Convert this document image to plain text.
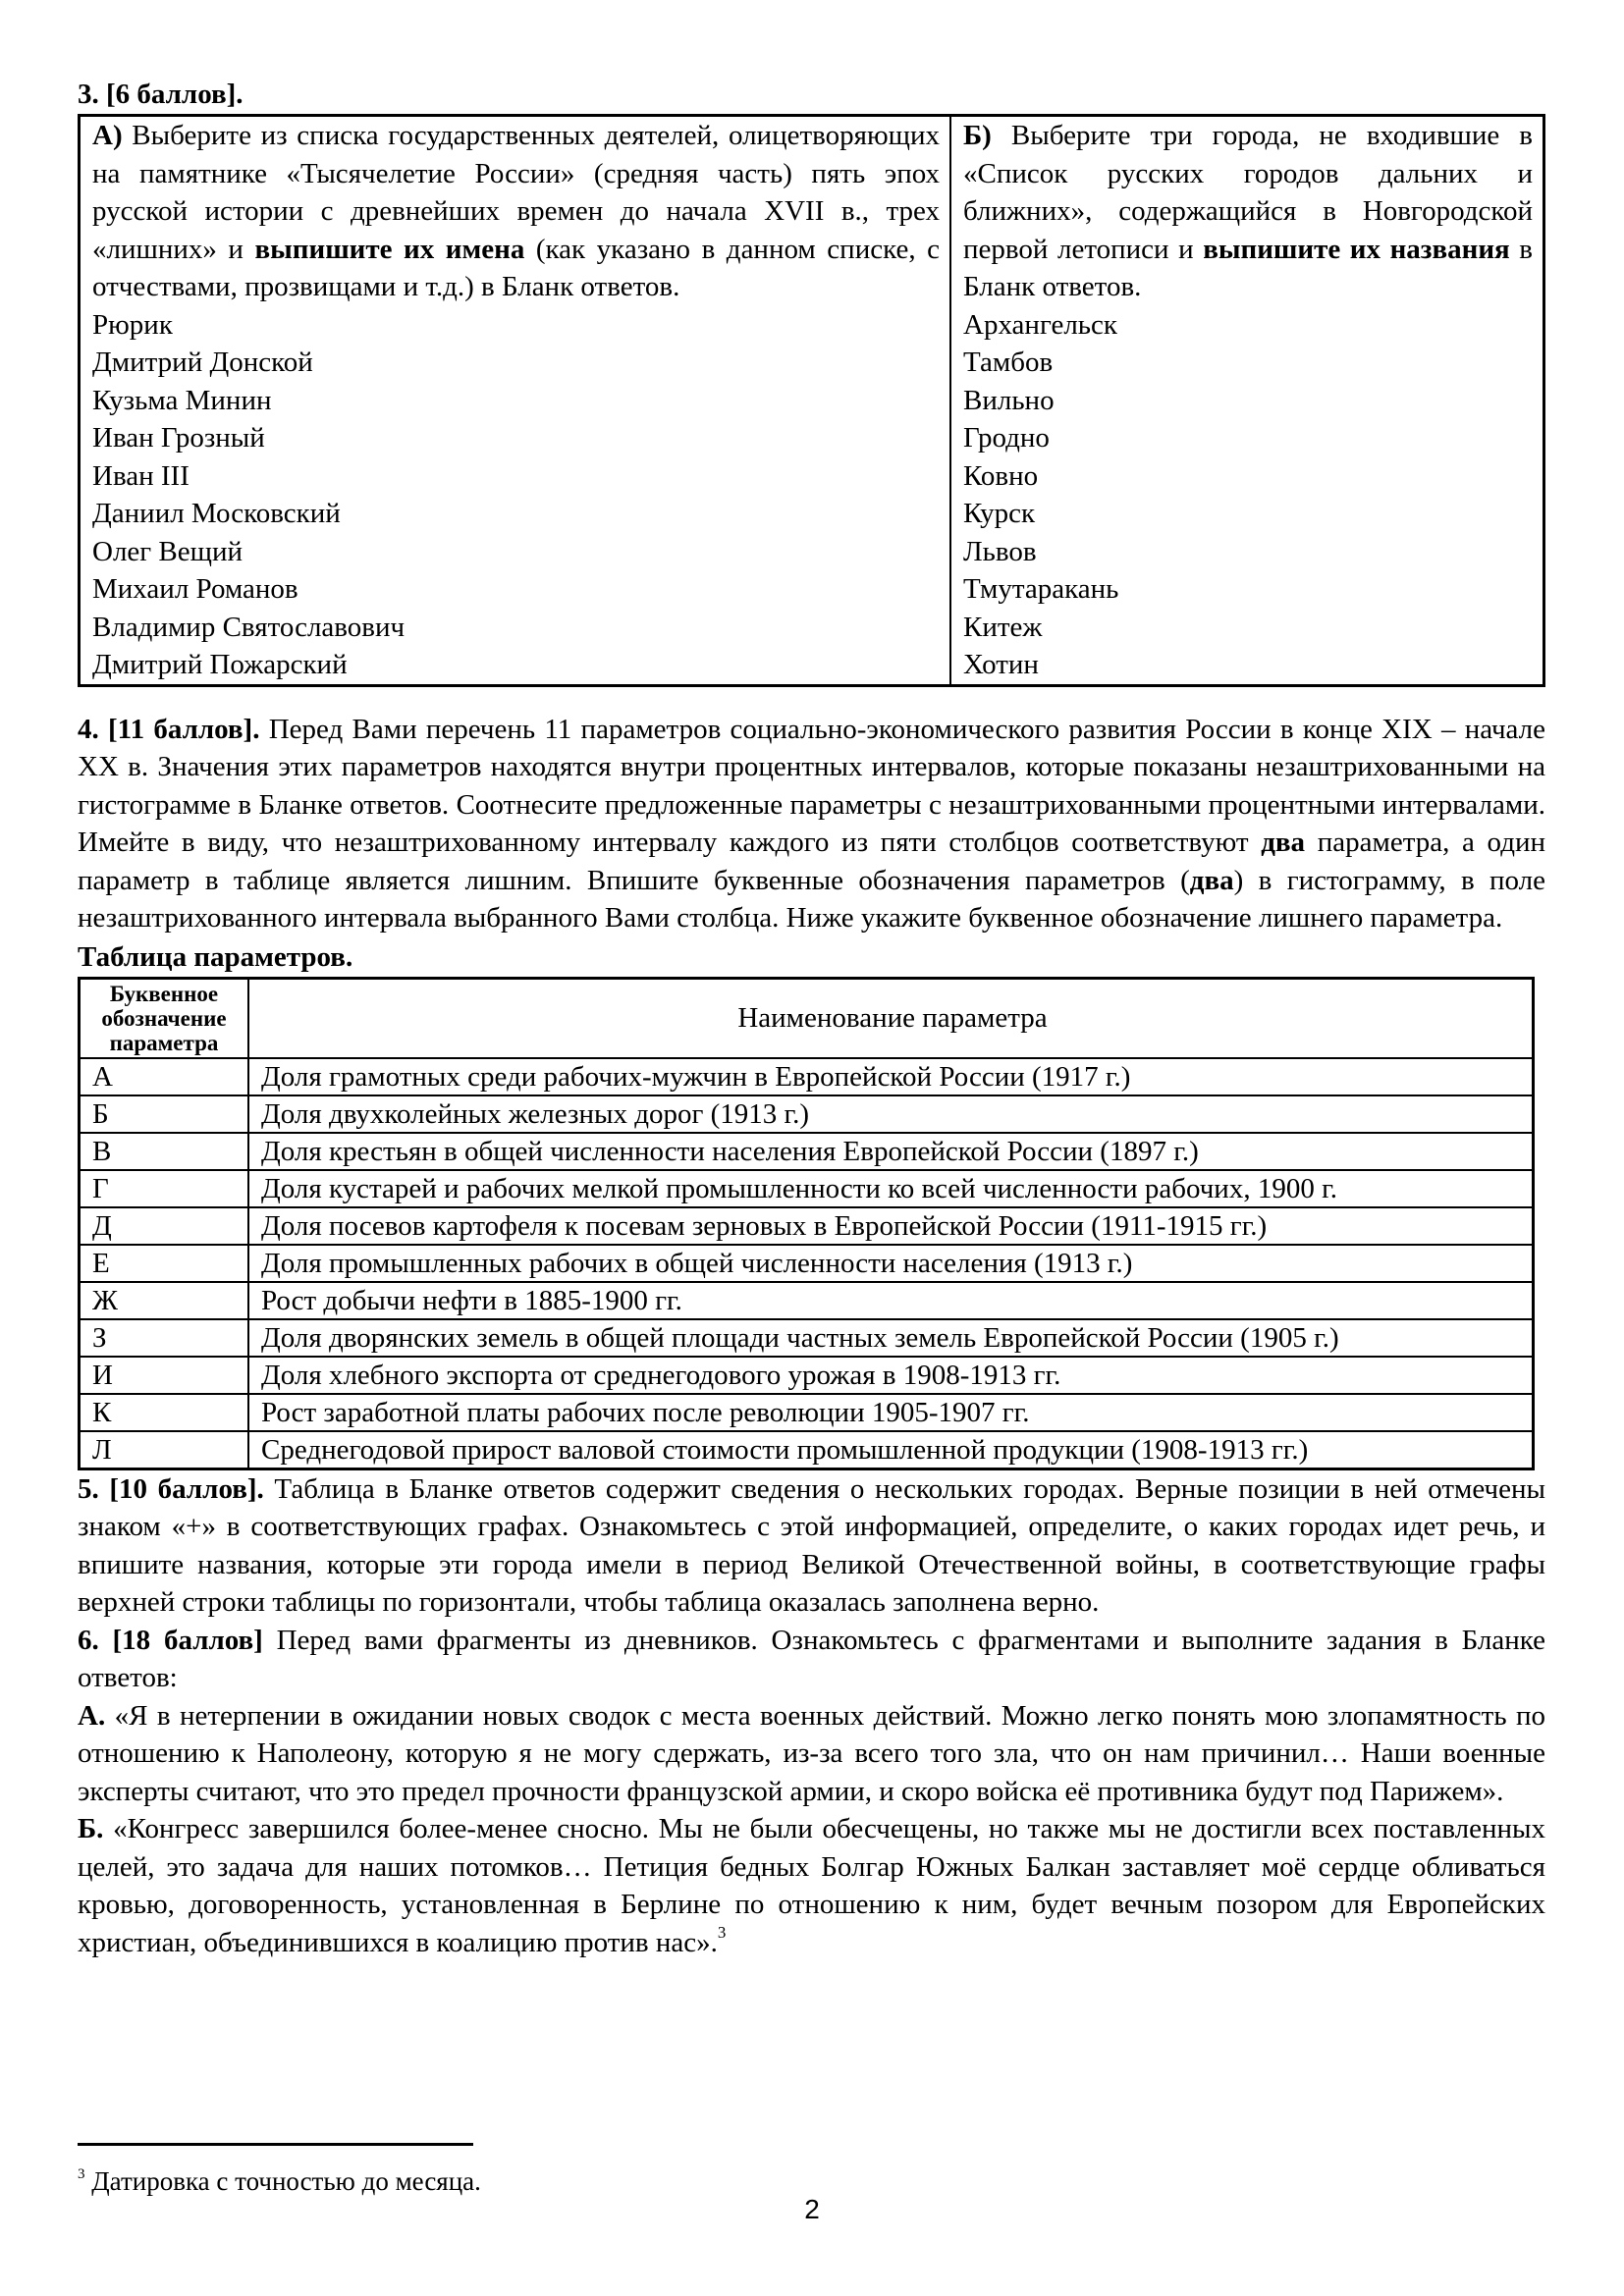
3. [6 баллов].

А) Выберите из списка государственных деятелей, олицетворяющих на памятнике «Тысячелетие России» (средняя часть) пять эпох русской истории с древнейших времен до начала XVII в., трех «лишних» и выпишите их имена (как указано в данном списке, с отчествами, прозвищами и т.д.) в Бланк ответов.
Рюрик
Дмитрий Донской
Кузьма Минин
Иван Грозный
Иван III
Даниил Московский
Олег Вещий
Михаил Романов
Владимир Святославович
Дмитрий Пожарский

Б) Выберите три города, не входившие в «Список русских городов дальних и ближних», содержащийся в Новгородской первой летописи и выпишите их названия в Бланк ответов.
Архангельск
Тамбов
Вильно
Гродно
Ковно
Курск
Львов
Тмутаракань
Китеж
Хотин

4. [11 баллов]. Перед Вами перечень 11 параметров социально-экономического развития России в конце XIX – начале XX в. Значения этих параметров находятся внутри процентных интервалов, которые показаны незаштрихованными на гистограмме в Бланке ответов. Соотнесите предложенные параметры с незаштрихованными процентными интервалами. Имейте в виду, что незаштрихованному интервалу каждого из пяти столбцов соответствуют два параметра, а один параметр в таблице является лишним. Впишите буквенные обозначения параметров (два) в гистограмму, в поле незаштрихованного интервала выбранного Вами столбца. Ниже укажите буквенное обозначение лишнего параметра.

Таблица параметров.

Буквенное обозначение параметра	Наименование параметра
А	Доля грамотных среди рабочих-мужчин в Европейской России (1917 г.)
Б	Доля двухколейных железных дорог (1913 г.)
В	Доля крестьян в общей численности населения Европейской России (1897 г.)
Г	Доля кустарей и рабочих мелкой промышленности ко всей численности рабочих, 1900 г.
Д	Доля посевов картофеля к посевам зерновых в Европейской России (1911-1915 гг.)
Е	Доля промышленных рабочих в общей численности населения (1913 г.)
Ж	Рост добычи нефти в 1885-1900 гг.
З	Доля дворянских земель в общей площади частных земель Европейской России (1905 г.)
И	Доля хлебного экспорта от среднегодового урожая в 1908-1913 гг.
К	Рост заработной платы рабочих после революции 1905-1907 гг.
Л	Среднегодовой прирост валовой стоимости промышленной продукции (1908-1913 гг.)

5. [10 баллов]. Таблица в Бланке ответов содержит сведения о нескольких городах. Верные позиции в ней отмечены знаком «+» в соответствующих графах. Ознакомьтесь с этой информацией, определите, о каких городах идет речь, и впишите названия, которые эти города имели в период Великой Отечественной войны, в соответствующие графы верхней строки таблицы по горизонтали, чтобы таблица оказалась заполнена верно.

6. [18 баллов] Перед вами фрагменты из дневников. Ознакомьтесь с фрагментами и выполните задания в Бланке ответов:

А. «Я в нетерпении в ожидании новых сводок с места военных действий. Можно легко понять мою злопамятность по отношению к Наполеону, которую я не могу сдержать, из-за всего того зла, что он нам причинил… Наши военные эксперты считают, что это предел прочности французской армии, и скоро войска её противника будут под Парижем».

Б. «Конгресс завершился более-менее сносно. Мы не были обесчещены, но также мы не достигли всех поставленных целей, это задача для наших потомков… Петиция бедных Болгар Южных Балкан заставляет моё сердце обливаться кровью, договоренность, установленная в Берлине по отношению к ним, будет вечным позором для Европейских христиан, объединившихся в коалицию против нас».$^3$

$^3$ Датировка с точностью до месяца.
2
